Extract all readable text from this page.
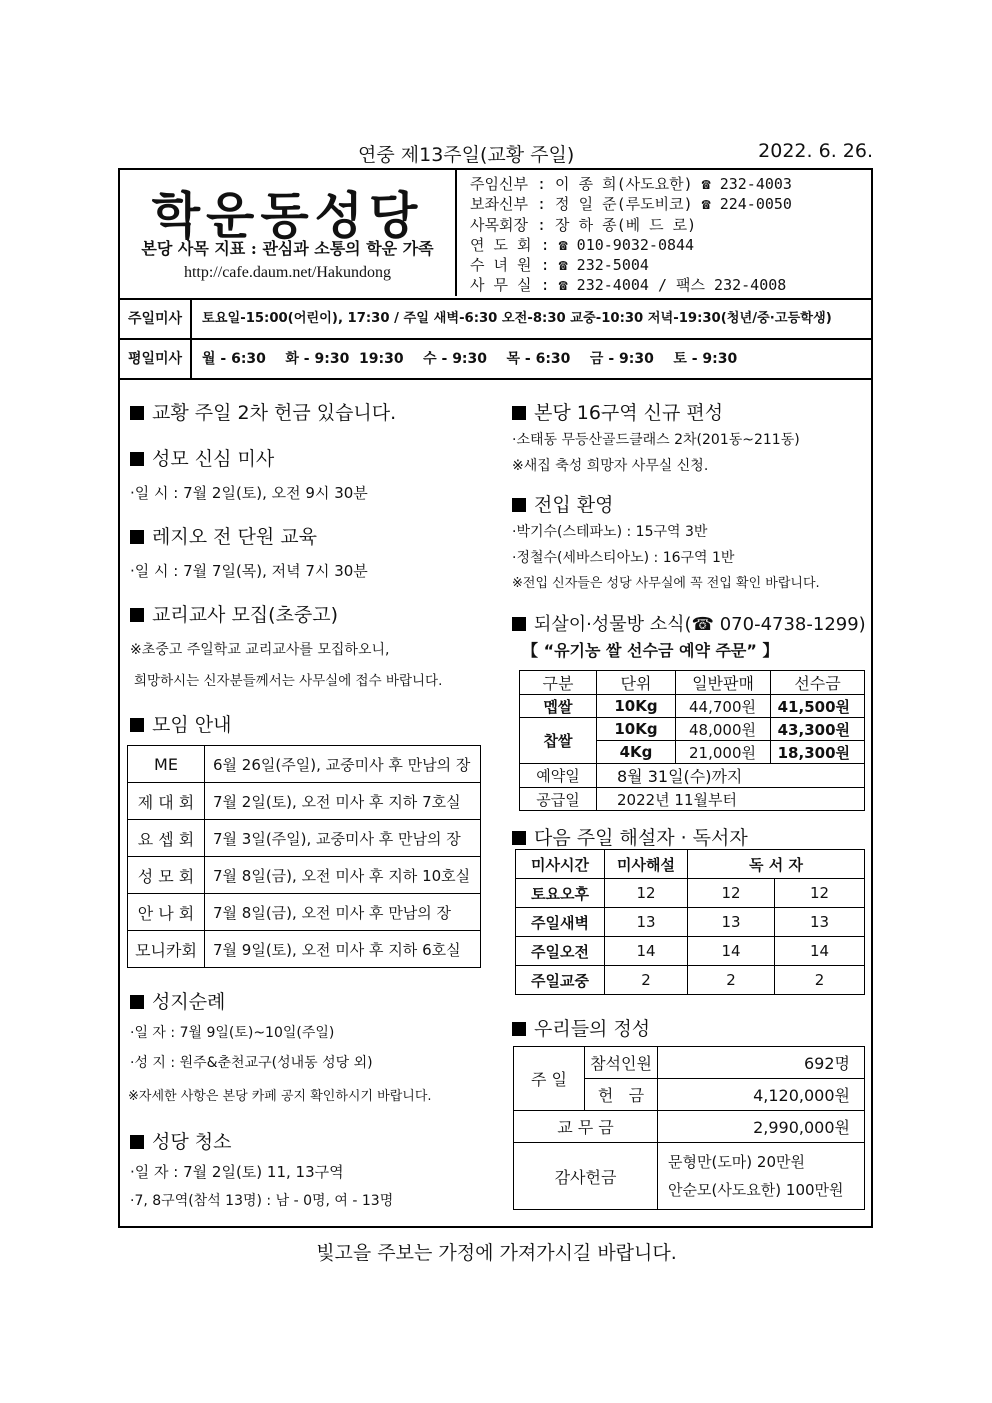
연중 제13주일(교황 주일)	2022. 6. 26.
학운동성당
본당 사목 지표 : 관심과 소통의 학운 가족
http://cafe.daum.net/Hakundong
주임신부 : 이 종 희(사도요한) ☎ 232-4003
보좌신부 : 정 일 준(루도비코) ☎ 224-0050
사목회장 : 장 하 종(베 드 로)
연 도 회 : ☎ 010-9032-0844
수 녀 원 : ☎ 232-5004
사 무 실 : ☎ 232-4004 / 팩스 232-4008
주일미사	토요일-15:00(어린이), 17:30 / 주일 새벽-6:30 오전-8:30 교중-10:30 저녁-19:30(청년/중·고등학생)
평일미사	월 - 6:30    화 - 9:30  19:30    수 - 9:30    목 - 6:30    금 - 9:30    토 - 9:30
교황 주일 2차 헌금 있습니다.
성모 신심 미사
·일 시 : 7월 2일(토), 오전 9시 30분
레지오 전 단원 교육
·일 시 : 7월 7일(목), 저녁 7시 30분
교리교사 모집(초중고)
※초중고 주일학교 교리교사를 모집하오니,
희망하시는 신자분들께서는 사무실에 접수 바랍니다.
모임 안내
ME	6월 26일(주일), 교중미사 후 만남의 장
제 대 회	7월 2일(토), 오전 미사 후 지하 7호실
요 셉 회	7월 3일(주일), 교중미사 후 만남의 장
성 모 회	7월 8일(금), 오전 미사 후 지하 10호실
안 나 회	7월 8일(금), 오전 미사 후 만남의 장
모니카회	7월 9일(토), 오전 미사 후 지하 6호실
성지순례
·일 자 : 7월 9일(토)~10일(주일)
·성 지 : 원주&춘천교구(성내동 성당 외)
※자세한 사항은 본당 카페 공지 확인하시기 바랍니다.
성당 청소
·일 자 : 7월 2일(토) 11, 13구역
·7, 8구역(참석 13명) : 남 - 0명, 여 - 13명
본당 16구역 신규 편성
·소태동 무등산골드클래스 2차(201동~211동)
※새집 축성 희망자 사무실 신청.
전입 환영
·박기수(스테파노) : 15구역 3반
·정철수(세바스티아노) : 16구역 1반
※전입 신자들은 성당 사무실에 꼭 전입 확인 바랍니다.
되살이·성물방 소식(☎ 070-4738-1299)
【 “유기농 쌀 선수금 예약 주문” 】
구분	단위	일반판매	선수금
멥쌀	10Kg	44,700원	41,500원
찹쌀	10Kg	48,000원	43,300원
	4Kg	21,000원	18,300원
예약일	8월 31일(수)까지		
공급일	2022년 11월부터		
다음 주일 해설자 · 독서자
미사시간	미사해설	독 서 자	
토요오후	12	12	12
주일새벽	13	13	13
주일오전	14	14	14
주일교중	2	2	2
우리들의 정성
주 일	참석인원	692명
	헌   금	4,120,000원
교 무 금		2,990,000원
감사헌금		문형만(도마) 20만원
안순모(사도요한) 100만원
빛고을 주보는 가정에 가져가시길 바랍니다.
